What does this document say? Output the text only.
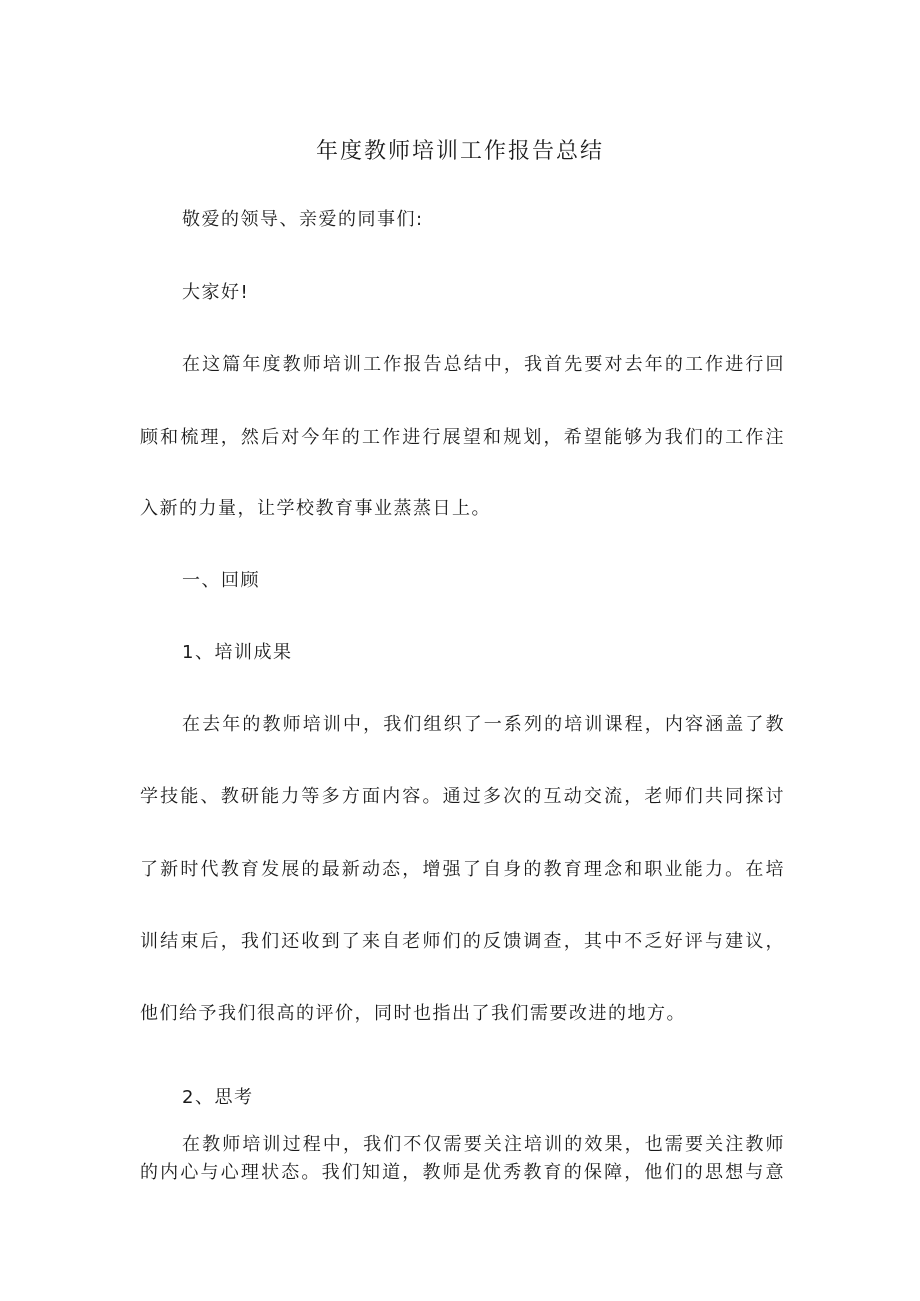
年度教师培训工作报告总结
敬爱的领导、亲爱的同事们:
大家好!
在这篇年度教师培训工作报告总结中，我首先要对去年的工作进行回
顾和梳理，然后对今年的工作进行展望和规划，希望能够为我们的工作注
入新的力量，让学校教育事业蒸蒸日上。
一、回顾
1、培训成果
在去年的教师培训中，我们组织了一系列的培训课程，内容涵盖了教
学技能、教研能力等多方面内容。通过多次的互动交流，老师们共同探讨
了新时代教育发展的最新动态，增强了自身的教育理念和职业能力。在培
训结束后，我们还收到了来自老师们的反馈调查，其中不乏好评与建议，
他们给予我们很高的评价，同时也指出了我们需要改进的地方。
2、思考
在教师培训过程中，我们不仅需要关注培训的效果，也需要关注教师
的内心与心理状态。我们知道，教师是优秀教育的保障，他们的思想与意
